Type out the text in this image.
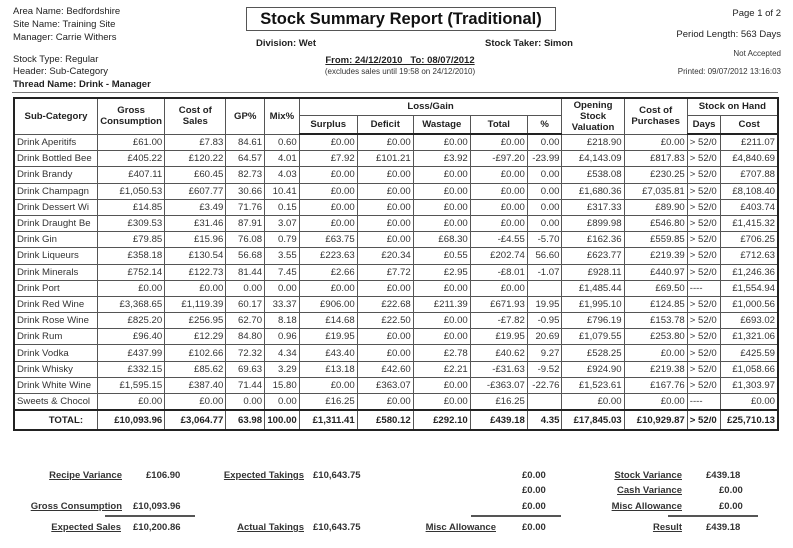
Area Name: Bedfordshire
Site Name: Training Site
Manager: Carrie Withers
Stock Type: Regular
Header: Sub-Category
Thread Name: Drink - Manager
Stock Summary Report (Traditional)
Division: Wet	Stock Taker: Simon
From: 24/12/2010   To: 08/07/2012
(excludes sales until 19:58 on 24/12/2010)
Page 1 of 2
Period Length: 563 Days
Not Accepted
Printed: 09/07/2012 13:16:03
Sub-Category	Gross Consumption	Cost of Sales	GP%	Mix%	Loss/Gain					Opening Stock Valuation	Cost of Purchases	Stock on Hand	
					Surplus	Deficit	Wastage	Total	%			Days	Cost
Drink Aperitifs	£61.00	£7.83	84.61	0.60	£0.00	£0.00	£0.00	£0.00	0.00	£218.90	£0.00	> 52/0	£211.07
Drink Bottled Bee	£405.22	£120.22	64.57	4.01	£7.92	£101.21	£3.92	-£97.20	-23.99	£4,143.09	£817.83	> 52/0	£4,840.69
Drink Brandy	£407.11	£60.45	82.73	4.03	£0.00	£0.00	£0.00	£0.00	0.00	£538.08	£230.25	> 52/0	£707.88
Drink Champagn	£1,050.53	£607.77	30.66	10.41	£0.00	£0.00	£0.00	£0.00	0.00	£1,680.36	£7,035.81	> 52/0	£8,108.40
Drink Dessert Wi	£14.85	£3.49	71.76	0.15	£0.00	£0.00	£0.00	£0.00	0.00	£317.33	£89.90	> 52/0	£403.74
Drink Draught Be	£309.53	£31.46	87.91	3.07	£0.00	£0.00	£0.00	£0.00	0.00	£899.98	£546.80	> 52/0	£1,415.32
Drink Gin	£79.85	£15.96	76.08	0.79	£63.75	£0.00	£68.30	-£4.55	-5.70	£162.36	£559.85	> 52/0	£706.25
Drink Liqueurs	£358.18	£130.54	56.68	3.55	£223.63	£20.34	£0.55	£202.74	56.60	£623.77	£219.39	> 52/0	£712.63
Drink Minerals	£752.14	£122.73	81.44	7.45	£2.66	£7.72	£2.95	-£8.01	-1.07	£928.11	£440.97	> 52/0	£1,246.36
Drink Port	£0.00	£0.00	0.00	0.00	£0.00	£0.00	£0.00	£0.00		£1,485.44	£69.50	----	£1,554.94
Drink Red Wine	£3,368.65	£1,119.39	60.17	33.37	£906.00	£22.68	£211.39	£671.93	19.95	£1,995.10	£124.85	> 52/0	£1,000.56
Drink Rose Wine	£825.20	£256.95	62.70	8.18	£14.68	£22.50	£0.00	-£7.82	-0.95	£796.19	£153.78	> 52/0	£693.02
Drink Rum	£96.40	£12.29	84.80	0.96	£19.95	£0.00	£0.00	£19.95	20.69	£1,079.55	£253.80	> 52/0	£1,321.06
Drink Vodka	£437.99	£102.66	72.32	4.34	£43.40	£0.00	£2.78	£40.62	9.27	£528.25	£0.00	> 52/0	£425.59
Drink Whisky	£332.15	£85.62	69.63	3.29	£13.18	£42.60	£2.21	-£31.63	-9.52	£924.90	£219.38	> 52/0	£1,058.66
Drink White Wine	£1,595.15	£387.40	71.44	15.80	£0.00	£363.07	£0.00	-£363.07	-22.76	£1,523.61	£167.76	> 52/0	£1,303.97
Sweets & Chocol	£0.00	£0.00	0.00	0.00	£16.25	£0.00	£0.00	£16.25		£0.00	£0.00	----	£0.00
TOTAL:	£10,093.96	£3,064.77	63.98	100.00	£1,311.41	£580.12	£292.10	£439.18	4.35	£17,845.03	£10,929.87	> 52/0	£25,710.13
Recipe Variance	£106.90
Gross Consumption £10,093.96
Expected Sales £10,200.86
Expected Takings £10,643.75
Actual Takings £10,643.75
£0.00
£0.00
£0.00
Misc Allowance	£0.00
Stock Variance	£439.18
Cash Variance	£0.00
Misc Allowance	£0.00
Result	£439.18
